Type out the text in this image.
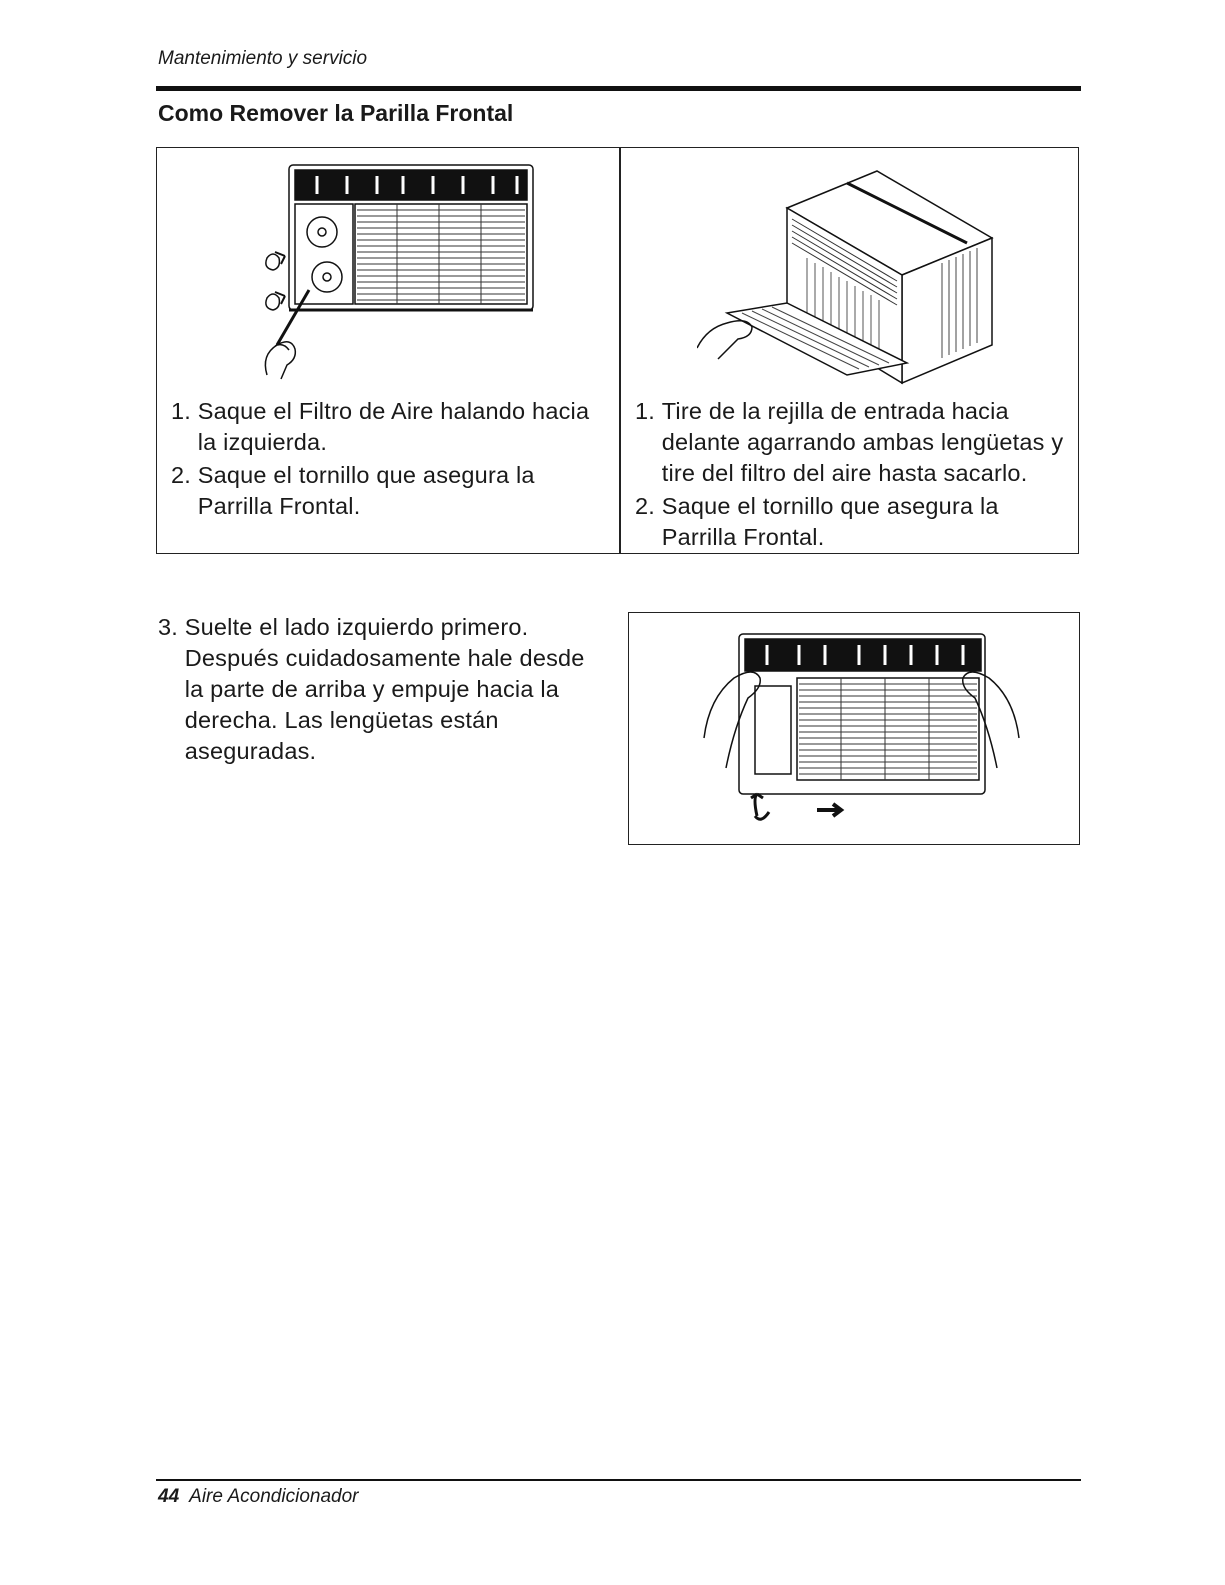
Mantenimiento y servicio
Como Remover la Parilla Frontal
1. Saque el Filtro de Aire halando hacia la izquierda.
2. Saque el tornillo que asegura la Parrilla Frontal.
1. Tire de la rejilla de entrada hacia delante agarrando ambas lengüetas y tire del filtro del aire hasta sacarlo.
2. Saque el tornillo que asegura la Parrilla Frontal.
3. Suelte el lado izquierdo primero. Después cuidadosamente hale desde la parte de arriba y empuje hacia la derecha. Las lengüetas están aseguradas.
44 Aire Acondicionador
